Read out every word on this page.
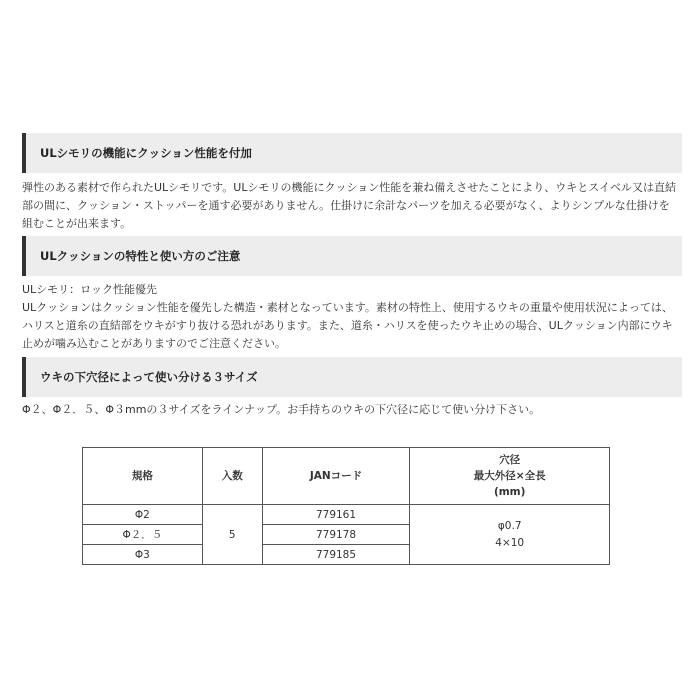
ULシモリの機能にクッション性能を付加

弾性のある素材で作られたULシモリです。ULシモリの機能にクッション性能を兼ね備えさせたことにより、ウキとスイベル又は直結
部の間に、クッション・ストッパーを通す必要がありません。仕掛けに余計なパーツを加える必要がなく、よりシンプルな仕掛けを
組むことが出来ます。

ULクッションの特性と使い方のご注意

ULシモリ：ロック性能優先
ULクッションはクッション性能を優先した構造・素材となっています。素材の特性上、使用するウキの重量や使用状況によっては、
ハリスと道糸の直結部をウキがすり抜ける恐れがあります。また、道糸・ハリスを使ったウキ止めの場合、ULクッション内部にウキ
止めが噛み込むことがありますのでご注意ください。

ウキの下穴径によって使い分ける３サイズ

Φ２、Φ２．５、Φ３mmの３サイズをラインナップ。お手持ちのウキの下穴径に応じて使い分け下さい。

規格	入数	JANコード	穴径
最大外径×全長
(mm)

Φ2	5	779161	φ0.7
4×10

Φ２．５		779178	
Φ3		779185	
